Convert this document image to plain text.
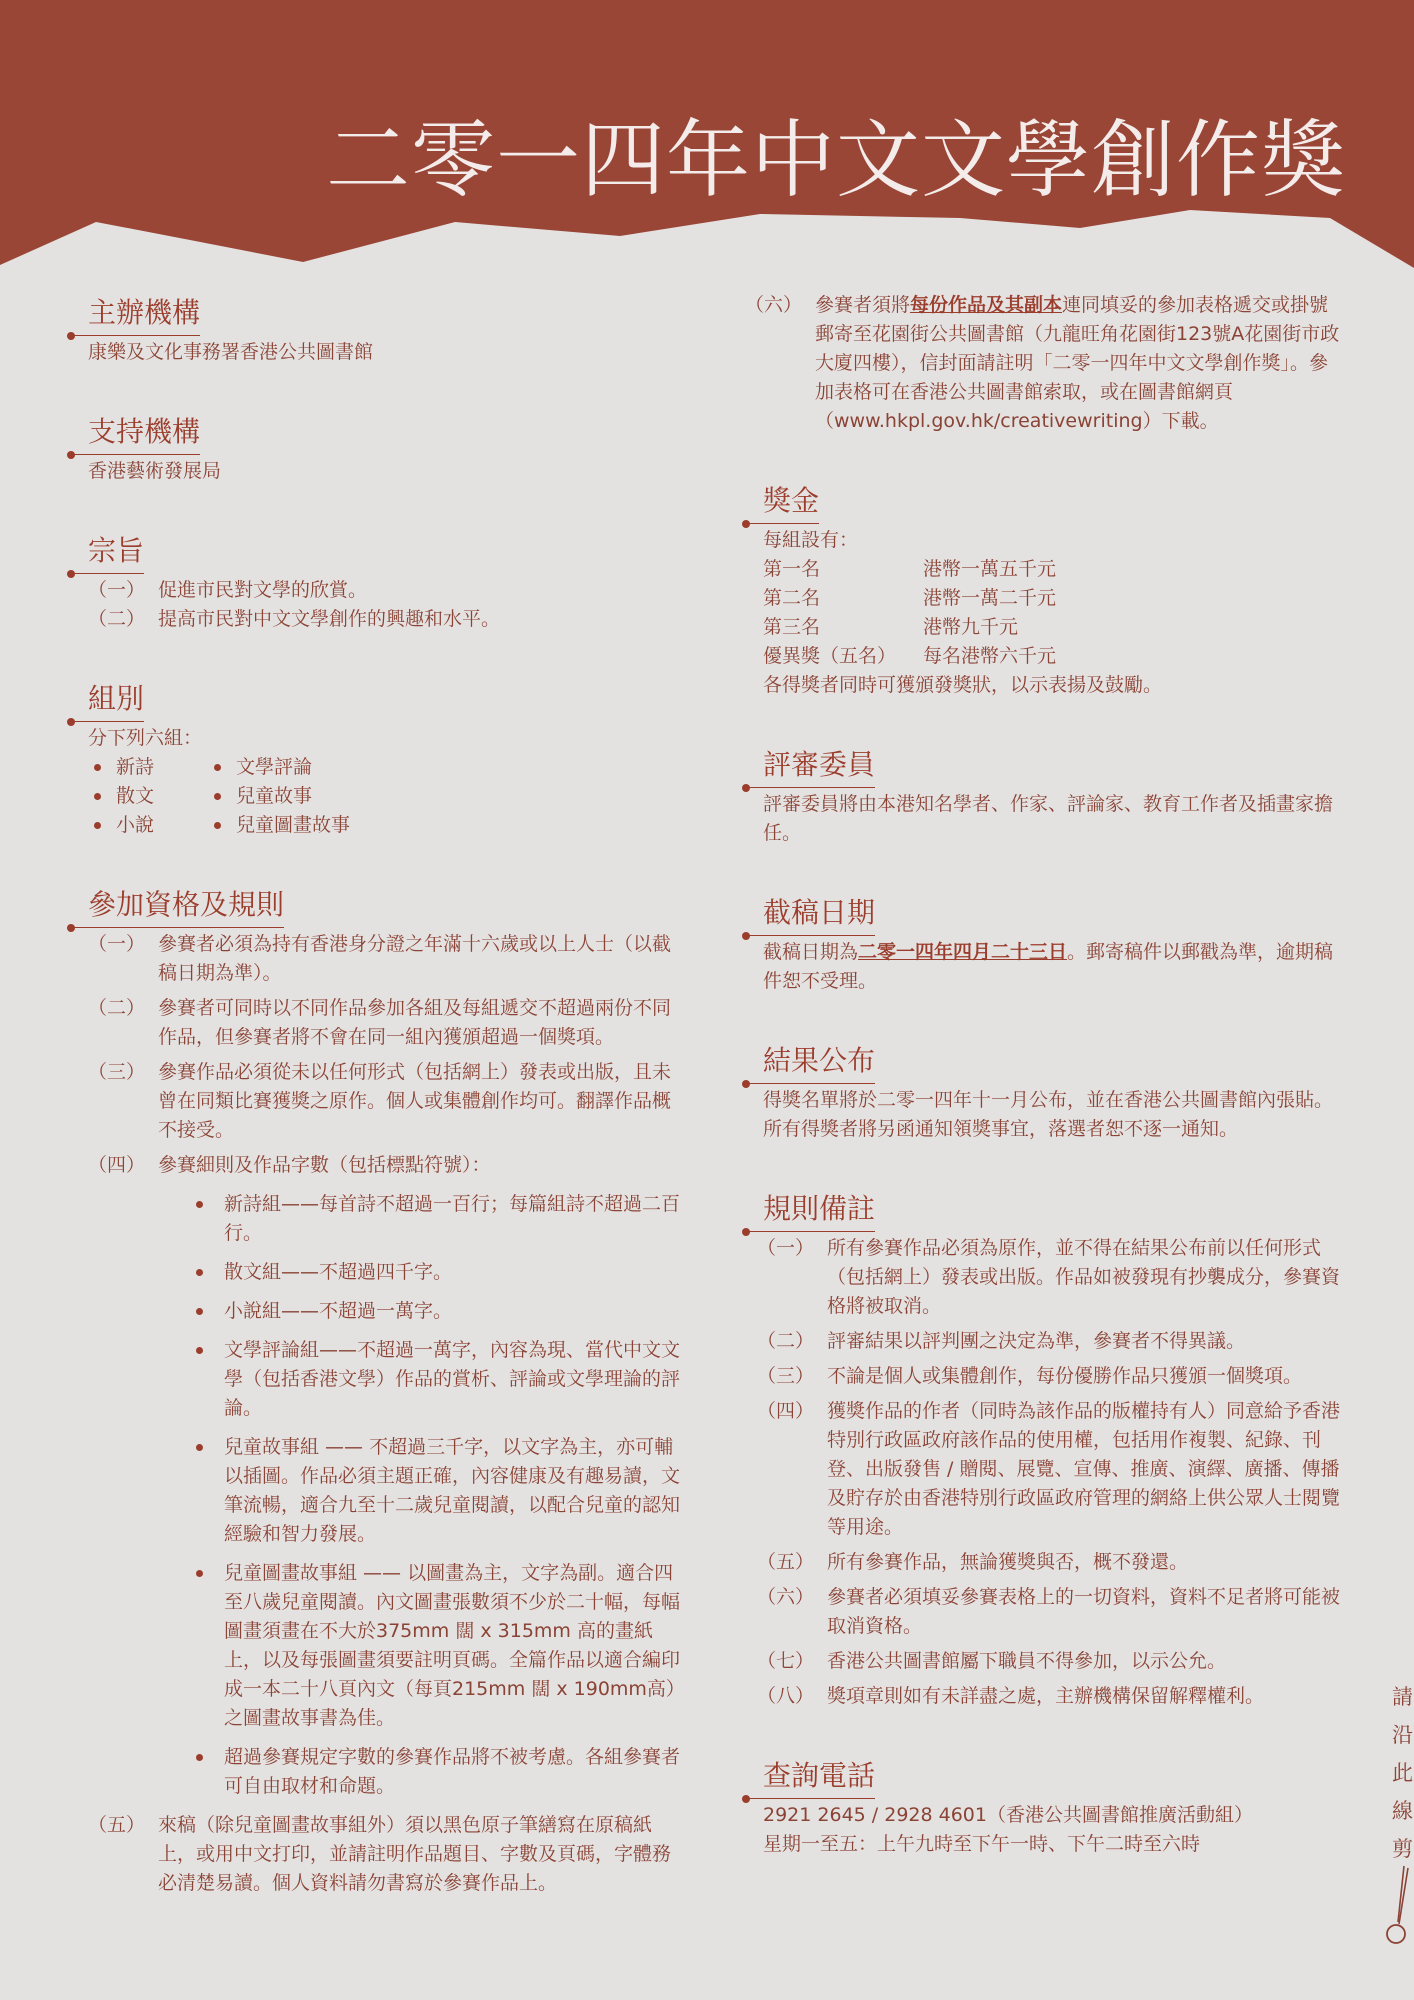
二零一四年中文文學創作獎
主辦機構
康樂及文化事務署香港公共圖書館
支持機構
香港藝術發展局
宗旨
（一） 促進市民對文學的欣賞。
（二） 提高市民對中文文學創作的興趣和水平。
組別
分下列六組：
新詩	文學評論
散文	兒童故事
小說	兒童圖畫故事
參加資格及規則
（一） 參賽者必須為持有香港身分證之年滿十六歲或以上人士（以截稿日期為準）。
（二） 參賽者可同時以不同作品參加各組及每組遞交不超過兩份不同作品，但參賽者將不會在同一組內獲頒超過一個獎項。
（三） 參賽作品必須從未以任何形式（包括網上）發表或出版，且未曾在同類比賽獲獎之原作。個人或集體創作均可。翻譯作品概不接受。
（四） 參賽細則及作品字數（包括標點符號）：
新詩組——每首詩不超過一百行；每篇組詩不超過二百行。
散文組——不超過四千字。
小說組——不超過一萬字。
文學評論組——不超過一萬字，內容為現、當代中文文學（包括香港文學）作品的賞析、評論或文學理論的評論。
兒童故事組 —— 不超過三千字，以文字為主，亦可輔以插圖。作品必須主題正確，內容健康及有趣易讀，文筆流暢，適合九至十二歲兒童閱讀，以配合兒童的認知經驗和智力發展。
兒童圖畫故事組 —— 以圖畫為主，文字為副。適合四至八歲兒童閱讀。內文圖畫張數須不少於二十幅，每幅圖畫須畫在不大於375mm 闊 x 315mm 高的畫紙上，以及每張圖畫須要註明頁碼。全篇作品以適合編印成一本二十八頁內文（每頁215mm 闊 x 190mm高）之圖畫故事書為佳。
超過參賽規定字數的參賽作品將不被考慮。各組參賽者可自由取材和命題。
（五） 來稿（除兒童圖畫故事組外）須以黑色原子筆繕寫在原稿紙上，或用中文打印，並請註明作品題目、字數及頁碼，字體務必清楚易讀。個人資料請勿書寫於參賽作品上。
（六） 參賽者須將每份作品及其副本連同填妥的參加表格遞交或掛號郵寄至花園街公共圖書館（九龍旺角花園街123號A花園街市政大廈四樓），信封面請註明「二零一四年中文文學創作獎」。參加表格可在香港公共圖書館索取，或在圖書館網頁（www.hkpl.gov.hk/creativewriting）下載。
獎金
每組設有：
第一名	港幣一萬五千元
第二名	港幣一萬二千元
第三名	港幣九千元
優異獎（五名）	每名港幣六千元
各得獎者同時可獲頒發獎狀，以示表揚及鼓勵。
評審委員
評審委員將由本港知名學者、作家、評論家、教育工作者及插畫家擔任。
截稿日期
截稿日期為二零一四年四月二十三日。郵寄稿件以郵戳為準，逾期稿件恕不受理。
結果公布
得獎名單將於二零一四年十一月公布，並在香港公共圖書館內張貼。所有得獎者將另函通知領獎事宜，落選者恕不逐一通知。
規則備註
（一） 所有參賽作品必須為原作，並不得在結果公布前以任何形式（包括網上）發表或出版。作品如被發現有抄襲成分，參賽資格將被取消。
（二） 評審結果以評判團之決定為準，參賽者不得異議。
（三） 不論是個人或集體創作，每份優勝作品只獲頒一個獎項。
（四） 獲獎作品的作者（同時為該作品的版權持有人）同意給予香港特別行政區政府該作品的使用權，包括用作複製、紀錄、刊登、出版發售 / 贈閱、展覽、宣傳、推廣、演繹、廣播、傳播及貯存於由香港特別行政區政府管理的網絡上供公眾人士閱覽等用途。
（五） 所有參賽作品，無論獲獎與否，概不發還。
（六） 參賽者必須填妥參賽表格上的一切資料，資料不足者將可能被取消資格。
（七） 香港公共圖書館屬下職員不得參加，以示公允。
（八） 獎項章則如有未詳盡之處，主辦機構保留解釋權利。
查詢電話
2921 2645 / 2928 4601（香港公共圖書館推廣活動組）
星期一至五：上午九時至下午一時、下午二時至六時
請沿此線剪
